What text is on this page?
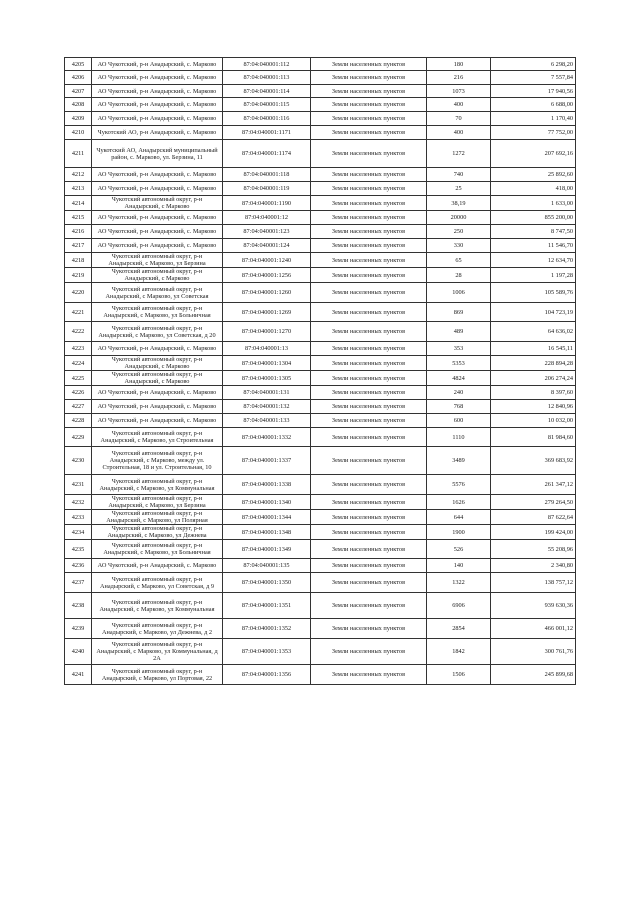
4205	АО Чукотский, р-н Анадырский, с. Марково	87:04:040001:112	Земли населенных пунктов	180	6 298,20
4206	АО Чукотский, р-н Анадырский, с. Марково	87:04:040001:113	Земли населенных пунктов	216	7 557,84
4207	АО Чукотский, р-н Анадырский, с. Марково	87:04:040001:114	Земли населенных пунктов	1073	17 940,56
4208	АО Чукотский, р-н Анадырский, с. Марково	87:04:040001:115	Земли населенных пунктов	400	6 688,00
4209	АО Чукотский, р-н Анадырский, с. Марково	87:04:040001:116	Земли населенных пунктов	70	1 170,40
4210	Чукотский АО, р-н Анадырский, с. Марково	87:04:040001:1171	Земли населенных пунктов	400	77 752,00
4211	Чукотский АО, Анадырский муниципальный район, с. Марково, ул. Берзина, 11	87:04:040001:1174	Земли населенных пунктов	1272	207 692,16
4212	АО Чукотский, р-н Анадырский, с. Марково	87:04:040001:118	Земли населенных пунктов	740	25 892,60
4213	АО Чукотский, р-н Анадырский, с. Марково	87:04:040001:119	Земли населенных пунктов	25	418,00
4214	Чукотский автономный округ, р-н Анадырский, с Марково	87:04:040001:1190	Земли населенных пунктов	38,19	1 633,00
4215	АО Чукотский, р-н Анадырский, с. Марково	87:04:040001:12	Земли населенных пунктов	20000	855 200,00
4216	АО Чукотский, р-н Анадырский, с. Марково	87:04:040001:123	Земли населенных пунктов	250	8 747,50
4217	АО Чукотский, р-н Анадырский, с. Марково	87:04:040001:124	Земли населенных пунктов	330	11 546,70
4218	Чукотский автономный округ, р-н Анадырский, с Марково, ул Берзина	87:04:040001:1240	Земли населенных пунктов	65	12 634,70
4219	Чукотский автономный округ, р-н Анадырский, с Марково	87:04:040001:1256	Земли населенных пунктов	28	1 197,28
4220	Чукотский автономный округ, р-н Анадырский, с Марково, ул Советская	87:04:040001:1260	Земли населенных пунктов	1006	105 589,76
4221	Чукотский автономный округ, р-н Анадырский, с Марково, ул Больничная	87:04:040001:1269	Земли населенных пунктов	869	104 723,19
4222	Чукотский автономный округ, р-н Анадырский, с Марково, ул Советская, д 20	87:04:040001:1270	Земли населенных пунктов	489	64 636,02
4223	АО Чукотский, р-н Анадырский, с. Марково	87:04:040001:13	Земли населенных пунктов	353	16 545,11
4224	Чукотский автономный округ, р-н Анадырский, с Марково	87:04:040001:1304	Земли населенных пунктов	5353	228 894,28
4225	Чукотский автономный округ, р-н Анадырский, с Марково	87:04:040001:1305	Земли населенных пунктов	4824	206 274,24
4226	АО Чукотский, р-н Анадырский, с. Марково	87:04:040001:131	Земли населенных пунктов	240	8 397,60
4227	АО Чукотский, р-н Анадырский, с. Марково	87:04:040001:132	Земли населенных пунктов	768	12 840,96
4228	АО Чукотский, р-н Анадырский, с. Марково	87:04:040001:133	Земли населенных пунктов	600	10 032,00
4229	Чукотский автономный округ, р-н Анадырский, с Марково, ул Строительная	87:04:040001:1332	Земли населенных пунктов	1110	81 984,60
4230	Чукотский автономный округ, р-н Анадырский, с Марково, между ул. Строительная, 18 и ул. Строительная, 10	87:04:040001:1337	Земли населенных пунктов	3489	369 683,92
4231	Чукотский автономный округ, р-н Анадырский, с Марково, ул Коммунальная	87:04:040001:1338	Земли населенных пунктов	5576	261 347,12
4232	Чукотский автономный округ, р-н Анадырский, с Марково, ул Берзина	87:04:040001:1340	Земли населенных пунктов	1626	279 264,50
4233	Чукотский автономный округ, р-н Анадырский, с Марково, ул Полярная	87:04:040001:1344	Земли населенных пунктов	644	87 622,64
4234	Чукотский автономный округ, р-н Анадырский, с Марково, ул Дежнева	87:04:040001:1348	Земли населенных пунктов	1900	199 424,00
4235	Чукотский автономный округ, р-н Анадырский, с Марково, ул Больничная	87:04:040001:1349	Земли населенных пунктов	526	55 208,96
4236	АО Чукотский, р-н Анадырский, с. Марково	87:04:040001:135	Земли населенных пунктов	140	2 340,80
4237	Чукотский автономный округ, р-н Анадырский, с Марково, ул Советская, д 9	87:04:040001:1350	Земли населенных пунктов	1322	138 757,12
4238	Чукотский автономный округ, р-н Анадырский, с Марково, ул Коммунальная	87:04:040001:1351	Земли населенных пунктов	6906	939 630,36
4239	Чукотский автономный округ, р-н Анадырский, с Марково, ул Дежнева, д 2	87:04:040001:1352	Земли населенных пунктов	2854	466 001,12
4240	Чукотский автономный округ, р-н Анадырский, с Марково, ул Коммунальная, д 2А	87:04:040001:1353	Земли населенных пунктов	1842	300 761,76
4241	Чукотский автономный округ, р-н Анадырский, с Марково, ул Портовая, 22	87:04:040001:1356	Земли населенных пунктов	1506	245 899,68
